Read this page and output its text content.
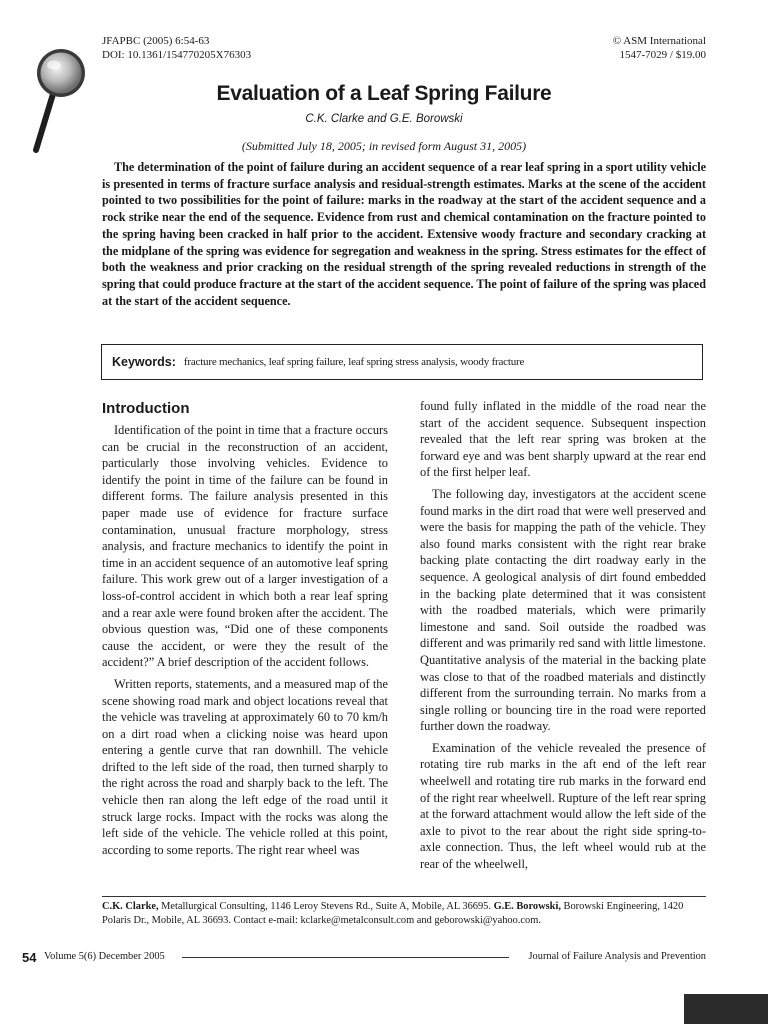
JFAPBC (2005) 6:54-63
DOI: 10.1361/154770205X76303
© ASM International
1547-7029 / $19.00
Evaluation of a Leaf Spring Failure
C.K. Clarke and G.E. Borowski
(Submitted July 18, 2005; in revised form August 31, 2005)

The determination of the point of failure during an accident sequence of a rear leaf spring in a sport utility vehicle is presented in terms of fracture surface analysis and residual-strength estimates. Marks at the scene of the accident pointed to two possibilities for the point of failure: marks in the roadway at the start of the accident sequence and a rock strike near the end of the sequence. Evidence from rust and chemical contamination on the fracture pointed to the spring having been cracked in half prior to the accident. Extensive woody fracture and secondary cracking at the midplane of the spring was evidence for segregation and weakness in the spring. Stress estimates for the effect of both the weakness and prior cracking on the residual strength of the spring revealed reductions in strength of the spring that could produce fracture at the start of the accident sequence. The point of failure of the spring was placed at the start of the accident sequence.

Keywords: fracture mechanics, leaf spring failure, leaf spring stress analysis, woody fracture
Introduction

Identification of the point in time that a fracture occurs can be crucial in the reconstruction of an accident, particularly those involving vehicles. Evidence to identify the point in time of the failure can be found in different forms. The failure analysis presented in this paper made use of evidence for fracture surface contamination, unusual fracture morphology, stress analysis, and fracture mechanics to identify the point in time in an accident sequence of an automotive leaf spring failure. This work grew out of a larger investigation of a loss-of-control accident in which both a rear leaf spring and a rear axle were found broken after the accident. The obvious question was, “Did one of these components cause the accident, or were they the result of the accident?” A brief description of the accident follows.

Written reports, statements, and a measured map of the scene showing road mark and object locations reveal that the vehicle was traveling at approximately 60 to 70 km/h on a dirt road when a clicking noise was heard upon entering a gentle curve that ran downhill. The vehicle drifted to the left side of the road, then turned sharply to the right across the road and sharply back to the left. The vehicle then ran along the left edge of the road until it struck large rocks. Impact with the rocks was along the left side of the vehicle. The vehicle rolled at this point, according to some reports. The right rear wheel was

found fully inflated in the middle of the road near the start of the accident sequence. Subsequent inspection revealed that the left rear spring was broken at the forward eye and was bent sharply upward at the rear end of the first helper leaf.

The following day, investigators at the accident scene found marks in the dirt road that were well preserved and were the basis for mapping the path of the vehicle. They also found marks consistent with the right rear brake backing plate contacting the dirt roadway early in the sequence. A geological analysis of dirt found embedded in the backing plate determined that it was consistent with the roadbed materials, which were primarily limestone and sand. Soil outside the roadbed was different and was primarily red sand with little limestone. Quantitative analysis of the material in the backing plate was close to that of the roadbed materials and distinctly different from the surrounding terrain. No marks from a single rolling or bouncing tire in the road were reported further down the roadway.

Examination of the vehicle revealed the presence of rotating tire rub marks in the aft end of the left rear wheelwell and rotating tire rub marks in the forward end of the right rear wheelwell. Rupture of the left rear spring at the forward attachment would allow the left side of the axle to pivot to the rear about the right side spring-to-axle connection. Thus, the left wheel would rub at the rear of the wheelwell,

C.K. Clarke, Metallurgical Consulting, 1146 Leroy Stevens Rd., Suite A, Mobile, AL 36695. G.E. Borowski, Borowski Engineering, 1420 Polaris Dr., Mobile, AL 36693. Contact e-mail: kclarke@metalconsult.com and geborowski@yahoo.com.
54 Volume 5(6) December 2005	Journal of Failure Analysis and Prevention
